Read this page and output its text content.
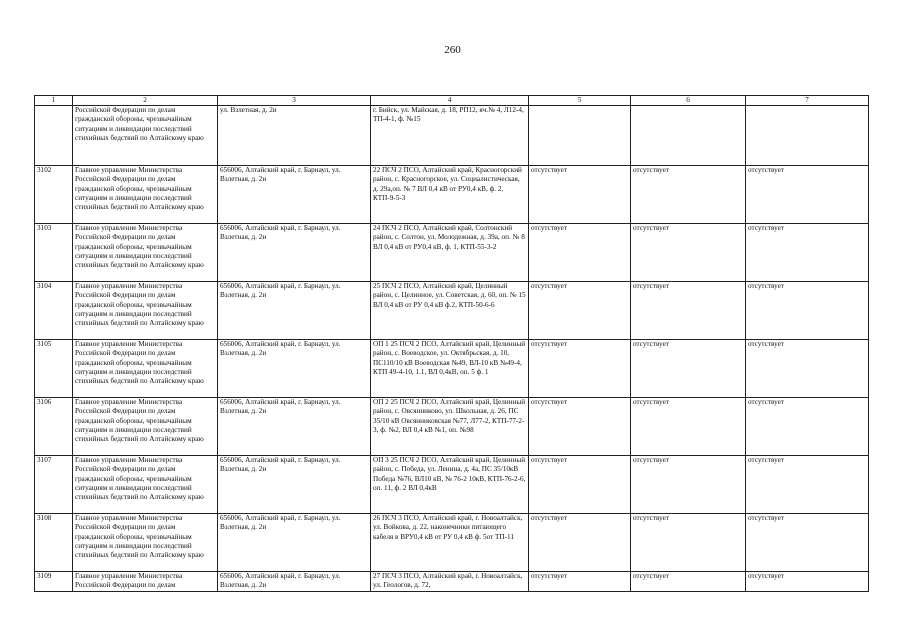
260
1	2	3	4	5	6	7
	Российской Федерации по делам гражданской обороны, чрезвычайным ситуациям и ликвидации последствий стихийных бедствий по Алтайскому краю	ул. Взлетная, д. 2и	г. Бийск, ул. Майская, д. 18, РП12, яч.№ 4, Л12-4, ТП-4-1, ф. №15			
3102	Главное управление Министерства Российской Федерации по делам гражданской обороны, чрезвычайным ситуациям и ликвидации последствий стихийных бедствий по Алтайскому краю	656006, Алтайский край, г. Барнаул, ул. Взлетная, д. 2и	22 ПСЧ 2 ПСО, Алтайский край, Красногорский район, с. Красногорское, ул. Социалистическая, д. 29а,оп. № 7 ВЛ 0,4 кВ от РУ0,4 кВ, ф. 2, КТП-9-5-3	отсутствует	отсутствует	отсутствует
3103	Главное управление Министерства Российской Федерации по делам гражданской обороны, чрезвычайным ситуациям и ликвидации последствий стихийных бедствий по Алтайскому краю	656006, Алтайский край, г. Барнаул, ул. Взлетная, д. 2и	24 ПСЧ 2 ПСО, Алтайский край, Солтонский район, с. Солтон, ул. Молодежная, д. 39а, оп. № 8 ВЛ 0,4 кВ от РУ0,4 кВ, ф. 1, КТП-55-3-2	отсутствует	отсутствует	отсутствует
3104	Главное управление Министерства Российской Федерации по делам гражданской обороны, чрезвычайным ситуациям и ликвидации последствий стихийных бедствий по Алтайскому краю	656006, Алтайский край, г. Барнаул, ул. Взлетная, д. 2и	25 ПСЧ 2 ПСО, Алтайский край, Целинный район, с. Целинное, ул. Советская, д. 60, оп. № 15 ВЛ 0,4 кВ от РУ 0,4 кВ ф.2, КТП-50-6-6	отсутствует	отсутствует	отсутствует
3105	Главное управление Министерства Российской Федерации по делам гражданской обороны, чрезвычайным ситуациям и ликвидации последствий стихийных бедствий по Алтайскому краю	656006, Алтайский край, г. Барнаул, ул. Взлетная, д. 2и	ОП 1 25 ПСЧ 2 ПСО, Алтайский край, Целинный район, с. Воеводское, ул. Октябрьская, д. 10, ПС110/10 кВ Воеводская №49, ВЛ-10 кВ №49-4, КТП 49-4-10, 1.1, ВЛ 0,4кВ, оп. 5 ф. 1	отсутствует	отсутствует	отсутствует
3106	Главное управление Министерства Российской Федерации по делам гражданской обороны, чрезвычайным ситуациям и ликвидации последствий стихийных бедствий по Алтайскому краю	656006, Алтайский край, г. Барнаул, ул. Взлетная, д. 2и	ОП 2 25 ПСЧ 2 ПСО, Алтайский край, Целинный район, с. Овсянниково, ул. Школьная, д. 26, ПС 35/10 кВ Овсянниковская №77, Л77-2, КТП-77-2-3, ф. №2, ВЛ 0,4 кВ №1, оп. №98	отсутствует	отсутствует	отсутствует
3107	Главное управление Министерства Российской Федерации по делам гражданской обороны, чрезвычайным ситуациям и ликвидации последствий стихийных бедствий по Алтайскому краю	656006, Алтайский край, г. Барнаул, ул. Взлетная, д. 2и	ОП 3 25 ПСЧ 2 ПСО, Алтайский край, Целинный район, с. Победа, ул. Ленина, д. 4а, ПС 35/10кВ Победа №76, ВЛ10 кВ, № 76-2 10кВ, КТП-76-2-6, оп. 11, ф. 2 ВЛ 0,4кВ	отсутствует	отсутствует	отсутствует
3108	Главное управление Министерства Российской Федерации по делам гражданской обороны, чрезвычайным ситуациям и ликвидации последствий стихийных бедствий по Алтайскому краю	656006, Алтайский край, г. Барнаул, ул. Взлетная, д. 2и	26 ПСЧ 3 ПСО, Алтайский край, г. Новоалтайск, ул. Войкова, д. 22, наконечники питающего кабеля в ВРУ0,4 кВ от РУ 0,4 кВ ф. 5от ТП-11	отсутствует	отсутствует	отсутствует
3109	Главное управление Министерства Российской Федерации по делам	656006, Алтайский край, г. Барнаул, ул. Взлетная, д. 2и	27 ПСЧ 3 ПСО, Алтайский край, г. Новоалтайск, ул. Геологов, д. 72,	отсутствует	отсутствует	отсутствует
